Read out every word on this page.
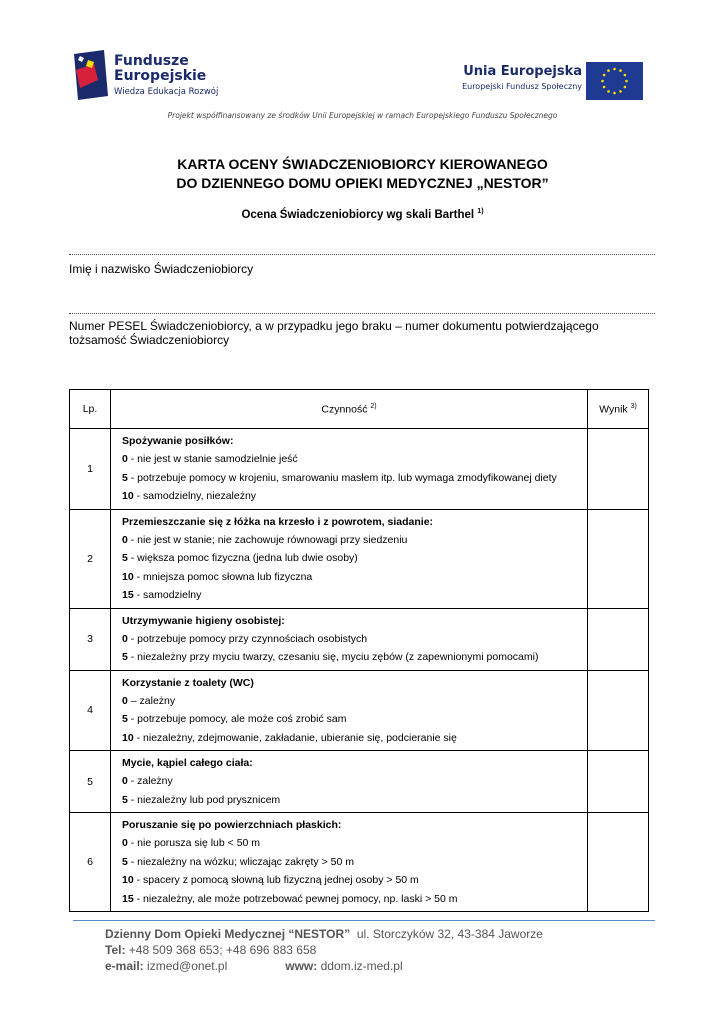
Fundusze
Europejskie
Wiedza Edukacja Rozwój
Unia Europejska
Europejski Fundusz Społeczny
Projekt współfinansowany ze środków Unii Europejskiej w ramach Europejskiego Funduszu Społecznego
KARTA OCENY ŚWIADCZENIOBIORCY KIEROWANEGO
DO DZIENNEGO DOMU OPIEKI MEDYCZNEJ „NESTOR”
Ocena Świadczeniobiorcy wg skali Barthel $^{1)}$
Imię i nazwisko Świadczeniobiorcy
Numer PESEL Świadczeniobiorcy, a w przypadku jego braku – numer dokumentu potwierdzającego tożsamość Świadczeniobiorcy
Lp.	Czynność $^{2)}$	Wynik $^{3)}$
1	Spożywanie posiłków:
0 - nie jest w stanie samodzielnie jeść
5 - potrzebuje pomocy w krojeniu, smarowaniu masłem itp. lub wymaga zmodyfikowanej diety
10 - samodzielny, niezależny	

2	Przemieszczanie się z łóżka na krzesło i z powrotem, siadanie:
0 - nie jest w stanie; nie zachowuje równowagi przy siedzeniu
5 - większa pomoc fizyczna (jedna lub dwie osoby)
10 - mniejsza pomoc słowna lub fizyczna
15 - samodzielny	

3	Utrzymywanie higieny osobistej:
0 - potrzebuje pomocy przy czynnościach osobistych
5 - niezależny przy myciu twarzy, czesaniu się, myciu zębów (z zapewnionymi pomocami)	

4	Korzystanie z toalety (WC)
0 – zależny
5 - potrzebuje pomocy, ale może coś zrobić sam
10 - niezależny, zdejmowanie, zakładanie, ubieranie się, podcieranie się	

5	Mycie, kąpiel całego ciała:
0 - zależny
5 - niezależny lub pod prysznicem	

6	Poruszanie się po powierzchniach płaskich:
0 - nie porusza się lub < 50 m
5 - niezależny na wózku; wliczając zakręty > 50 m
10 - spacery z pomocą słowną lub fizyczną jednej osoby > 50 m
15 - niezależny, ale może potrzebować pewnej pomocy, np. laski > 50 m	

Dzienny Dom Opieki Medycznej “NESTOR” ul. Storczyków 32, 43-384 Jaworze
Tel: +48 509 368 653; +48 696 883 658
e-mail: izmed@onet.pl	www: ddom.iz-med.pl
